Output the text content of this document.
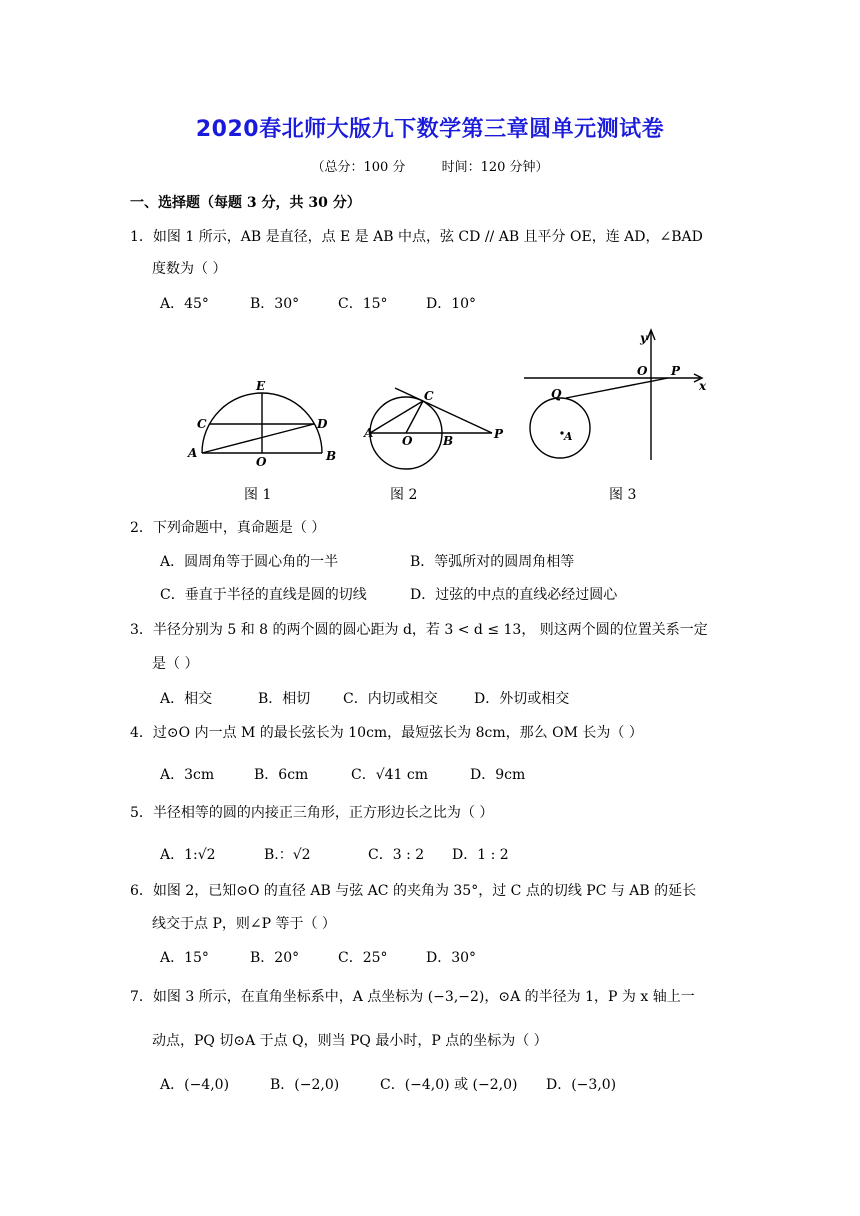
2020春北师大版九下数学第三章圆单元测试卷
（总分：100 分	时间：120 分钟）
一、选择题（每题 3 分，共 30 分）
1．如图 1 所示，AB 是直径，点 E 是 AB 中点，弦 CD // AB 且平分 OE，连 AD，∠BAD
度数为（ ）
A．45°	B．30°	C．15°	D．10°
E
C	D
A
O	B
C
A
O	B	P
y
O P
x
Q
A
图 1	图 2	图 3
2．下列命题中，真命题是（ ）
A．圆周角等于圆心角的一半	B．等弧所对的圆周角相等
C．垂直于半径的直线是圆的切线	D．过弦的中点的直线必经过圆心
3．半径分别为 5 和 8 的两个圆的圆心距为 d，若 3 < d ≤ 13， 则这两个圆的位置关系一定
是（ ）
A．相交	B．相切 C．内切或相交	D．外切或相交
4．过⊙O 内一点 M 的最长弦长为 10cm，最短弦长为 8cm，那么 OM 长为（ ）
A．3cm	B．6cm	C．√41 cm	D．9cm
5．半径相等的圆的内接正三角形，正方形边长之比为（ ）
A．1:√2	B.：√2	C．3 : 2 D．1 : 2
6．如图 2，已知⊙O 的直径 AB 与弦 AC 的夹角为 35°，过 C 点的切线 PC 与 AB 的延长
线交于点 P，则∠P 等于（ ）
A．15°	B．20°	C．25°	D．30°
7．如图 3 所示，在直角坐标系中，A 点坐标为 (−3,−2)，⊙A 的半径为 1，P 为 x 轴上一
动点，PQ 切⊙A 于点 Q，则当 PQ 最小时，P 点的坐标为（ ）
A．(−4,0)	B．(−2,0)	C．(−4,0) 或 (−2,0) D．(−3,0)
